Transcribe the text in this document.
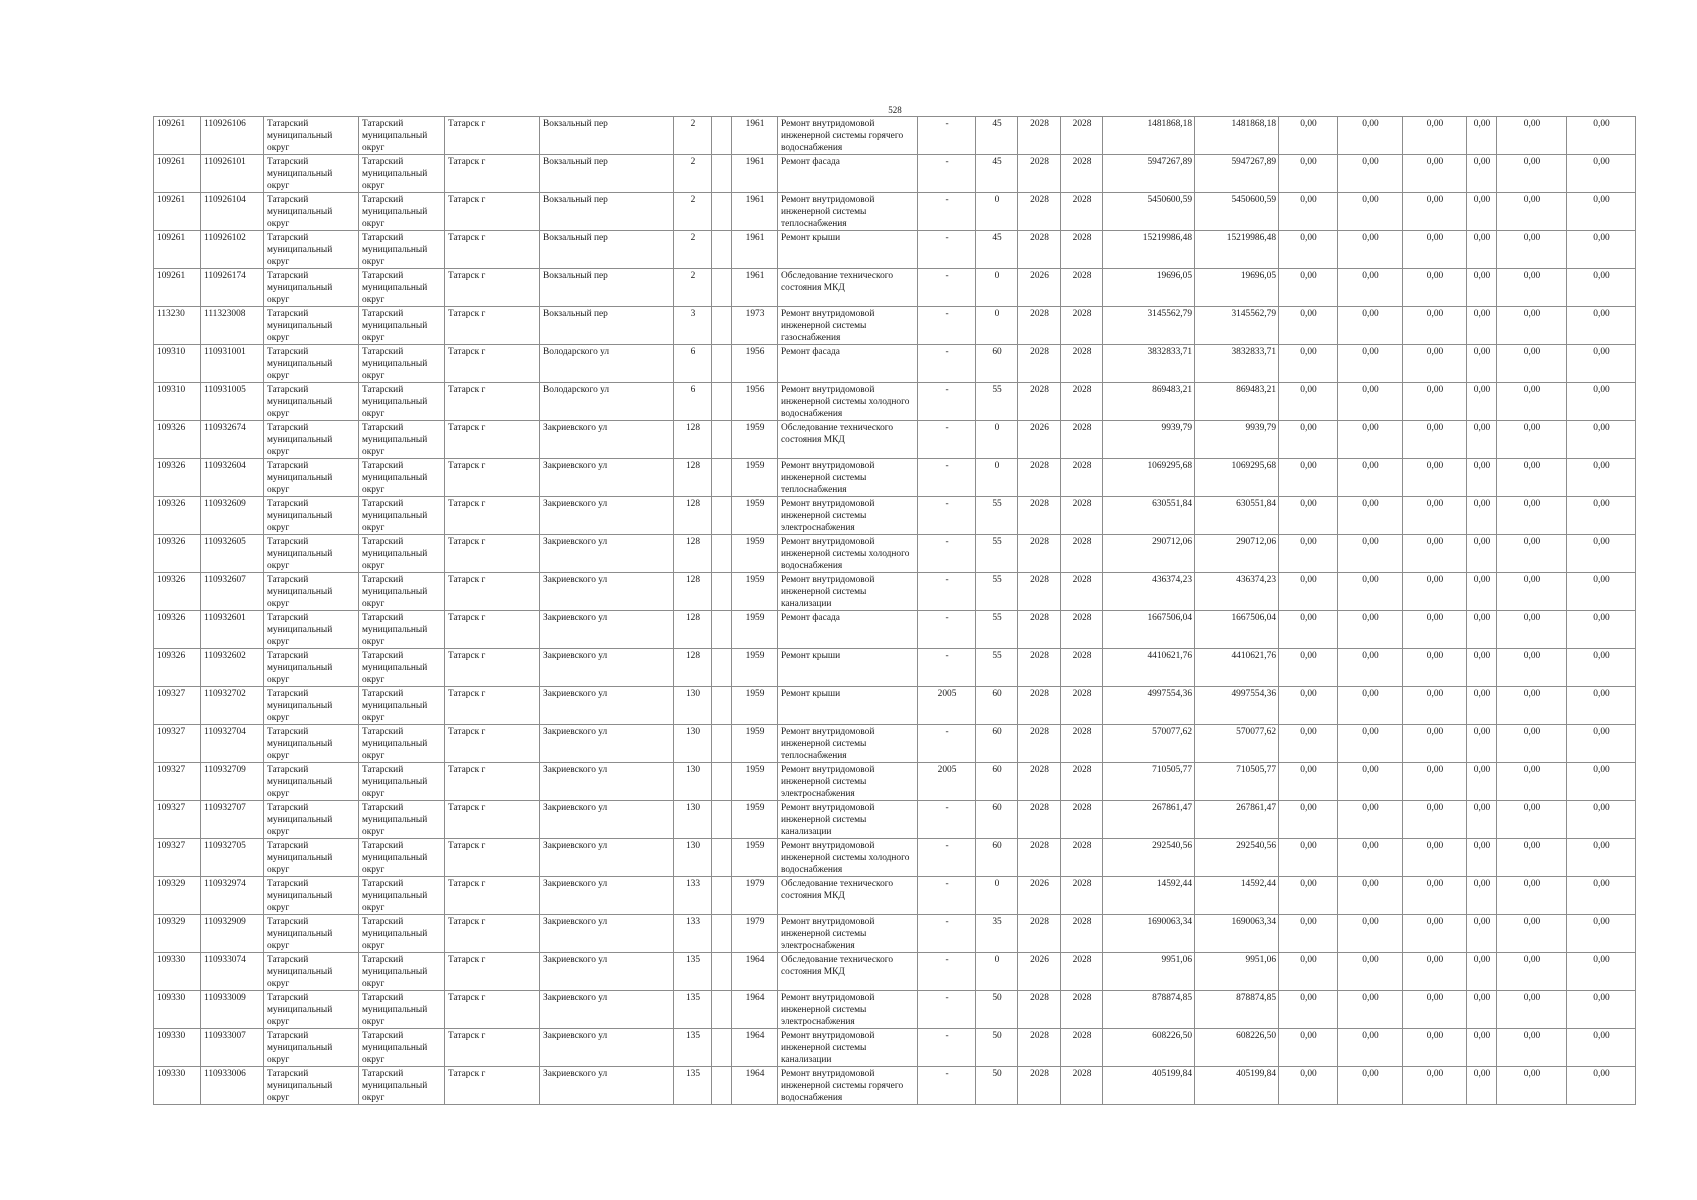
528
109261	110926106	Татарский муниципальный округ	Татарский муниципальный округ	Татарск г	Вокзальный пер	2		1961	Ремонт внутридомовой инженерной системы горячего водоснабжения	-	45	2028	2028	1481868,18	1481868,18	0,00	0,00	0,00	0,00	0,00	0,00
109261	110926101	Татарский муниципальный округ	Татарский муниципальный округ	Татарск г	Вокзальный пер	2		1961	Ремонт фасада	-	45	2028	2028	5947267,89	5947267,89	0,00	0,00	0,00	0,00	0,00	0,00
109261	110926104	Татарский муниципальный округ	Татарский муниципальный округ	Татарск г	Вокзальный пер	2		1961	Ремонт внутридомовой инженерной системы теплоснабжения	-	0	2028	2028	5450600,59	5450600,59	0,00	0,00	0,00	0,00	0,00	0,00
109261	110926102	Татарский муниципальный округ	Татарский муниципальный округ	Татарск г	Вокзальный пер	2		1961	Ремонт крыши	-	45	2028	2028	15219986,48	15219986,48	0,00	0,00	0,00	0,00	0,00	0,00
109261	110926174	Татарский муниципальный округ	Татарский муниципальный округ	Татарск г	Вокзальный пер	2		1961	Обследование технического состояния МКД	-	0	2026	2028	19696,05	19696,05	0,00	0,00	0,00	0,00	0,00	0,00
113230	111323008	Татарский муниципальный округ	Татарский муниципальный округ	Татарск г	Вокзальный пер	3		1973	Ремонт внутридомовой инженерной системы газоснабжения	-	0	2028	2028	3145562,79	3145562,79	0,00	0,00	0,00	0,00	0,00	0,00
109310	110931001	Татарский муниципальный округ	Татарский муниципальный округ	Татарск г	Володарского ул	6		1956	Ремонт фасада	-	60	2028	2028	3832833,71	3832833,71	0,00	0,00	0,00	0,00	0,00	0,00
109310	110931005	Татарский муниципальный округ	Татарский муниципальный округ	Татарск г	Володарского ул	6		1956	Ремонт внутридомовой инженерной системы холодного водоснабжения	-	55	2028	2028	869483,21	869483,21	0,00	0,00	0,00	0,00	0,00	0,00
109326	110932674	Татарский муниципальный округ	Татарский муниципальный округ	Татарск г	Закриевского ул	128		1959	Обследование технического состояния МКД	-	0	2026	2028	9939,79	9939,79	0,00	0,00	0,00	0,00	0,00	0,00
109326	110932604	Татарский муниципальный округ	Татарский муниципальный округ	Татарск г	Закриевского ул	128		1959	Ремонт внутридомовой инженерной системы теплоснабжения	-	0	2028	2028	1069295,68	1069295,68	0,00	0,00	0,00	0,00	0,00	0,00
109326	110932609	Татарский муниципальный округ	Татарский муниципальный округ	Татарск г	Закриевского ул	128		1959	Ремонт внутридомовой инженерной системы электроснабжения	-	55	2028	2028	630551,84	630551,84	0,00	0,00	0,00	0,00	0,00	0,00
109326	110932605	Татарский муниципальный округ	Татарский муниципальный округ	Татарск г	Закриевского ул	128		1959	Ремонт внутридомовой инженерной системы холодного водоснабжения	-	55	2028	2028	290712,06	290712,06	0,00	0,00	0,00	0,00	0,00	0,00
109326	110932607	Татарский муниципальный округ	Татарский муниципальный округ	Татарск г	Закриевского ул	128		1959	Ремонт внутридомовой инженерной системы канализации	-	55	2028	2028	436374,23	436374,23	0,00	0,00	0,00	0,00	0,00	0,00
109326	110932601	Татарский муниципальный округ	Татарский муниципальный округ	Татарск г	Закриевского ул	128		1959	Ремонт фасада	-	55	2028	2028	1667506,04	1667506,04	0,00	0,00	0,00	0,00	0,00	0,00
109326	110932602	Татарский муниципальный округ	Татарский муниципальный округ	Татарск г	Закриевского ул	128		1959	Ремонт крыши	-	55	2028	2028	4410621,76	4410621,76	0,00	0,00	0,00	0,00	0,00	0,00
109327	110932702	Татарский муниципальный округ	Татарский муниципальный округ	Татарск г	Закриевского ул	130		1959	Ремонт крыши	2005	60	2028	2028	4997554,36	4997554,36	0,00	0,00	0,00	0,00	0,00	0,00
109327	110932704	Татарский муниципальный округ	Татарский муниципальный округ	Татарск г	Закриевского ул	130		1959	Ремонт внутридомовой инженерной системы теплоснабжения	-	60	2028	2028	570077,62	570077,62	0,00	0,00	0,00	0,00	0,00	0,00
109327	110932709	Татарский муниципальный округ	Татарский муниципальный округ	Татарск г	Закриевского ул	130		1959	Ремонт внутридомовой инженерной системы электроснабжения	2005	60	2028	2028	710505,77	710505,77	0,00	0,00	0,00	0,00	0,00	0,00
109327	110932707	Татарский муниципальный округ	Татарский муниципальный округ	Татарск г	Закриевского ул	130		1959	Ремонт внутридомовой инженерной системы канализации	-	60	2028	2028	267861,47	267861,47	0,00	0,00	0,00	0,00	0,00	0,00
109327	110932705	Татарский муниципальный округ	Татарский муниципальный округ	Татарск г	Закриевского ул	130		1959	Ремонт внутридомовой инженерной системы холодного водоснабжения	-	60	2028	2028	292540,56	292540,56	0,00	0,00	0,00	0,00	0,00	0,00
109329	110932974	Татарский муниципальный округ	Татарский муниципальный округ	Татарск г	Закриевского ул	133		1979	Обследование технического состояния МКД	-	0	2026	2028	14592,44	14592,44	0,00	0,00	0,00	0,00	0,00	0,00
109329	110932909	Татарский муниципальный округ	Татарский муниципальный округ	Татарск г	Закриевского ул	133		1979	Ремонт внутридомовой инженерной системы электроснабжения	-	35	2028	2028	1690063,34	1690063,34	0,00	0,00	0,00	0,00	0,00	0,00
109330	110933074	Татарский муниципальный округ	Татарский муниципальный округ	Татарск г	Закриевского ул	135		1964	Обследование технического состояния МКД	-	0	2026	2028	9951,06	9951,06	0,00	0,00	0,00	0,00	0,00	0,00
109330	110933009	Татарский муниципальный округ	Татарский муниципальный округ	Татарск г	Закриевского ул	135		1964	Ремонт внутридомовой инженерной системы электроснабжения	-	50	2028	2028	878874,85	878874,85	0,00	0,00	0,00	0,00	0,00	0,00
109330	110933007	Татарский муниципальный округ	Татарский муниципальный округ	Татарск г	Закриевского ул	135		1964	Ремонт внутридомовой инженерной системы канализации	-	50	2028	2028	608226,50	608226,50	0,00	0,00	0,00	0,00	0,00	0,00
109330	110933006	Татарский муниципальный округ	Татарский муниципальный округ	Татарск г	Закриевского ул	135		1964	Ремонт внутридомовой инженерной системы горячего водоснабжения	-	50	2028	2028	405199,84	405199,84	0,00	0,00	0,00	0,00	0,00	0,00
